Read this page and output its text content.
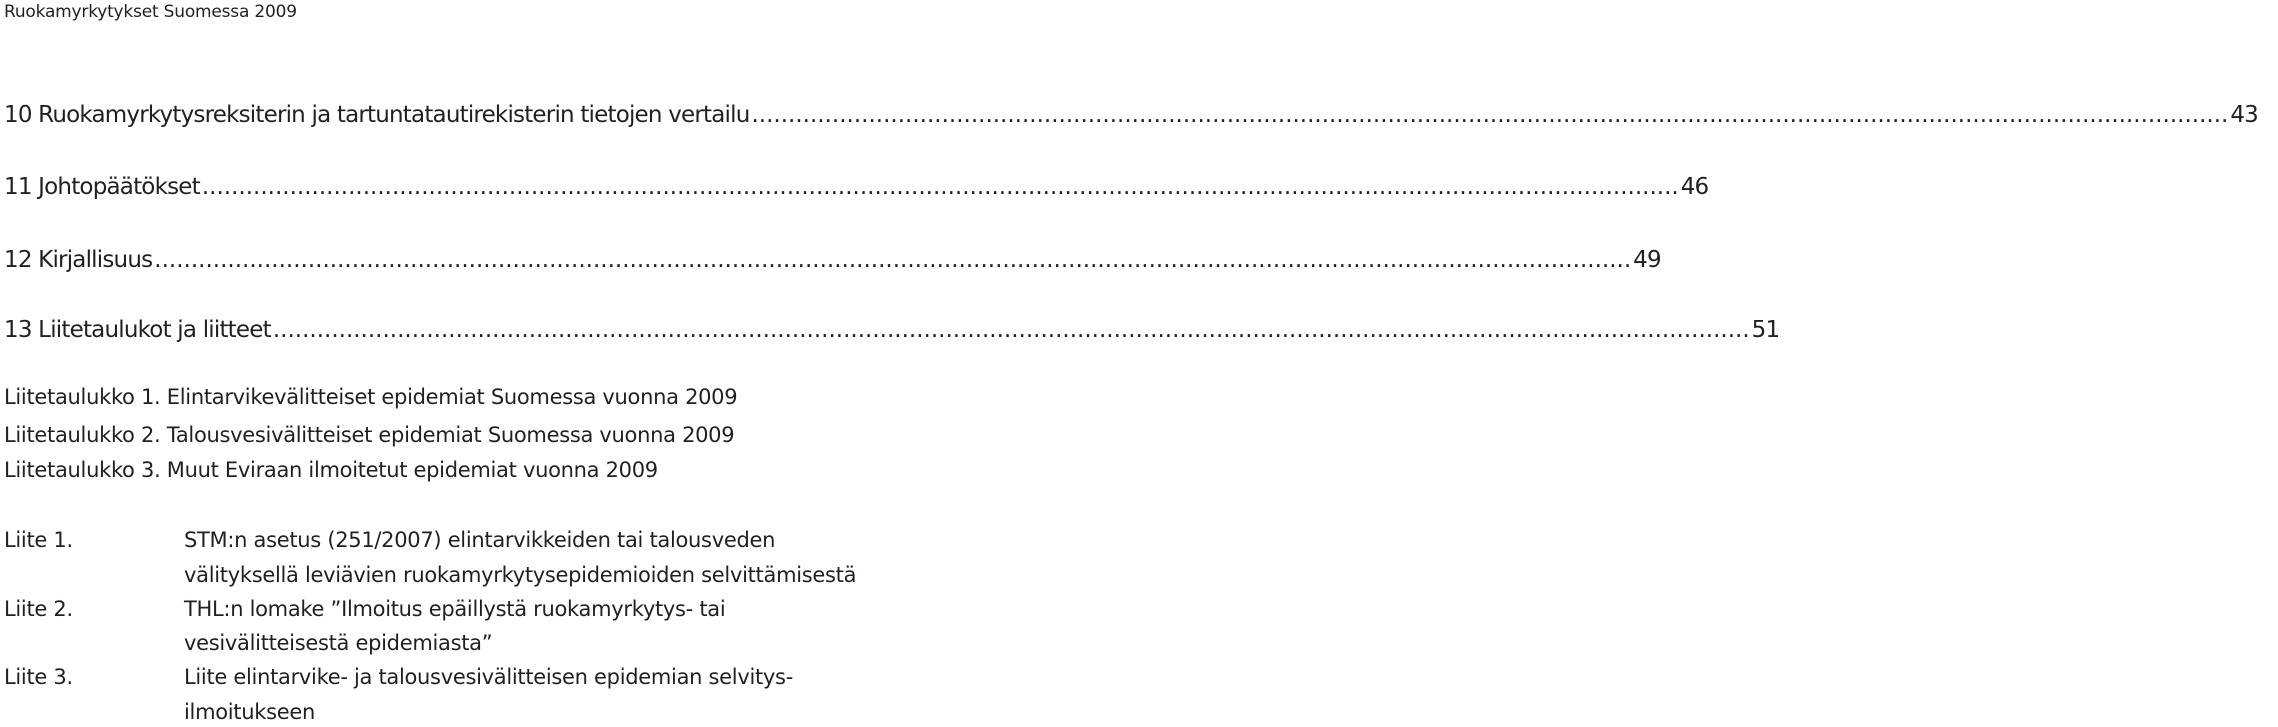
Ruokamyrkytykset Suomessa 2009
10 Ruokamyrkytysreksiterin ja tartuntatautirekisterin tietojen vertailu .......................................................................................................................................................................................................... 43
11 Johtopäätökset .......................................................................................................................................................................................................... 46
12 Kirjallisuus .......................................................................................................................................................................................................... 49
13 Liitetaulukot ja liitteet .......................................................................................................................................................................................................... 51
Liitetaulukko 1. Elintarvikevälitteiset epidemiat Suomessa vuonna 2009
Liitetaulukko 2. Talousvesivälitteiset epidemiat Suomessa vuonna 2009
Liitetaulukko 3. Muut Eviraan ilmoitetut epidemiat vuonna 2009
Liite 1.	STM:n asetus (251/2007) elintarvikkeiden tai talousveden
välityksellä leviävien ruokamyrkytysepidemioiden selvittämisestä
Liite 2.	THL:n lomake ”Ilmoitus epäillystä ruokamyrkytys- tai
vesivälitteisestä epidemiasta”
Liite 3.	Liite elintarvike- ja talousvesivälitteisen epidemian selvitys-
ilmoitukseen
